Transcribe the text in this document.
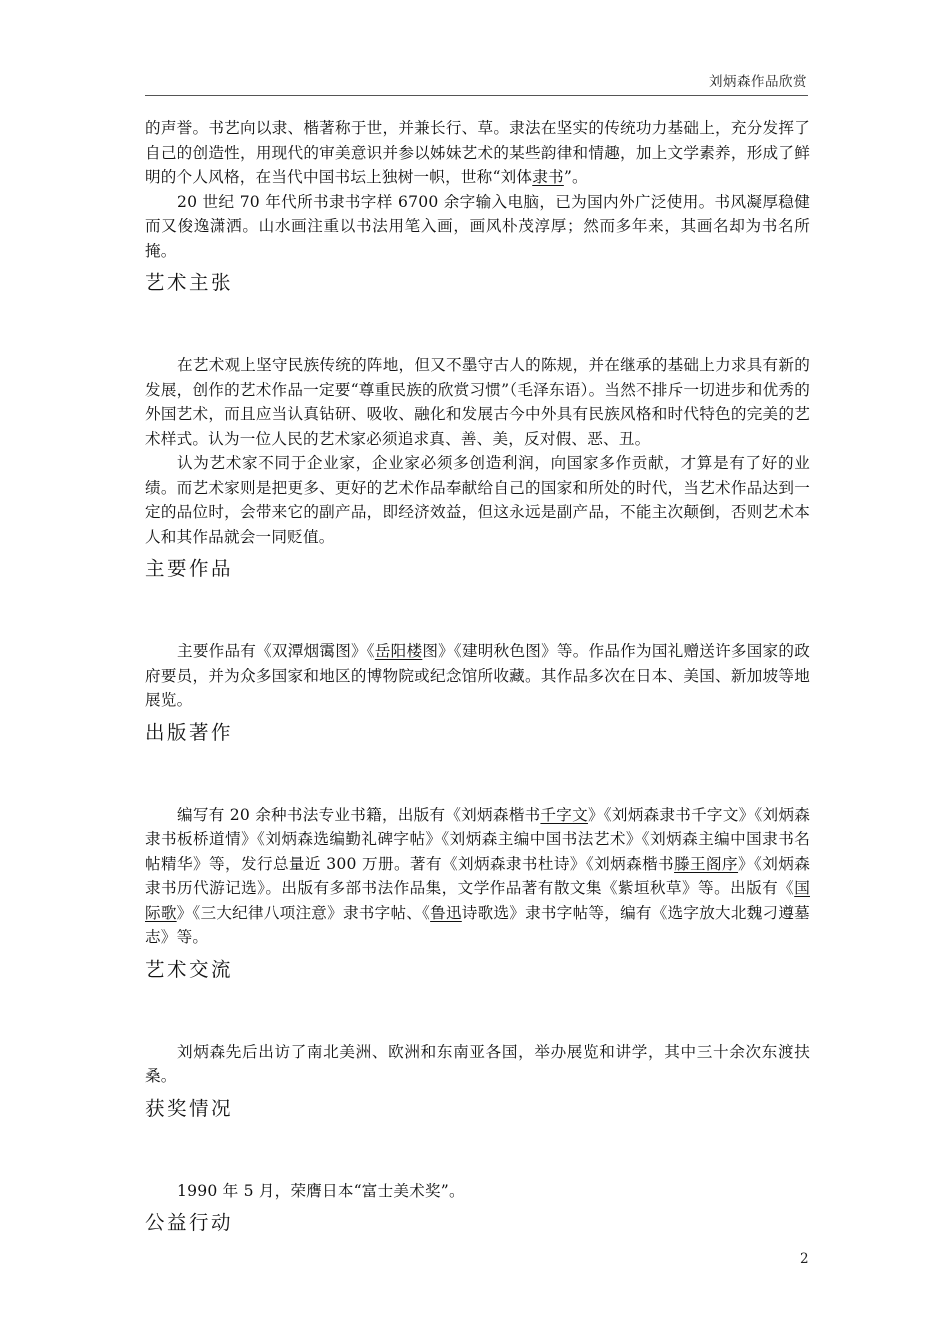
刘炳森作品欣赏

的声誉。书艺向以隶、楷著称于世，并兼长行、草。隶法在坚实的传统功力基础上，充分发挥了自己的创造性，用现代的审美意识并参以姊妹艺术的某些韵律和情趣，加上文学素养，形成了鲜明的个人风格，在当代中国书坛上独树一帜，世称“刘体隶书”。

20 世纪 70 年代所书隶书字样 6700 余字输入电脑，已为国内外广泛使用。书风凝厚稳健而又俊逸潇洒。山水画注重以书法用笔入画，画风朴茂淳厚；然而多年来，其画名却为书名所掩。

艺术主张

在艺术观上坚守民族传统的阵地，但又不墨守古人的陈规，并在继承的基础上力求具有新的发展，创作的艺术作品一定要“尊重民族的欣赏习惯”（毛泽东语）。当然不排斥一切进步和优秀的外国艺术，而且应当认真钻研、吸收、融化和发展古今中外具有民族风格和时代特色的完美的艺术样式。认为一位人民的艺术家必须追求真、善、美，反对假、恶、丑。

认为艺术家不同于企业家，企业家必须多创造利润，向国家多作贡献，才算是有了好的业绩。而艺术家则是把更多、更好的艺术作品奉献给自己的国家和所处的时代，当艺术作品达到一定的品位时，会带来它的副产品，即经济效益，但这永远是副产品，不能主次颠倒，否则艺术本人和其作品就会一同贬值。

主要作品

主要作品有《双潭烟霭图》《岳阳楼图》《建明秋色图》等。作品作为国礼赠送许多国家的政府要员，并为众多国家和地区的博物院或纪念馆所收藏。其作品多次在日本、美国、新加坡等地展览。

出版著作

编写有 20 余种书法专业书籍，出版有《刘炳森楷书千字文》《刘炳森隶书千字文》《刘炳森隶书板桥道情》《刘炳森选编勤礼碑字帖》《刘炳森主编中国书法艺术》《刘炳森主编中国隶书名帖精华》等，发行总量近 300 万册。著有《刘炳森隶书杜诗》《刘炳森楷书滕王阁序》《刘炳森隶书历代游记选》。出版有多部书法作品集，文学作品著有散文集《紫垣秋草》等。出版有《国际歌》《三大纪律八项注意》隶书字帖、《鲁迅诗歌选》隶书字帖等，编有《选字放大北魏刁遵墓志》等。

艺术交流

刘炳森先后出访了南北美洲、欧洲和东南亚各国，举办展览和讲学，其中三十余次东渡扶桑。

获奖情况

1990 年 5 月，荣膺日本“富士美术奖”。

公益行动
2
